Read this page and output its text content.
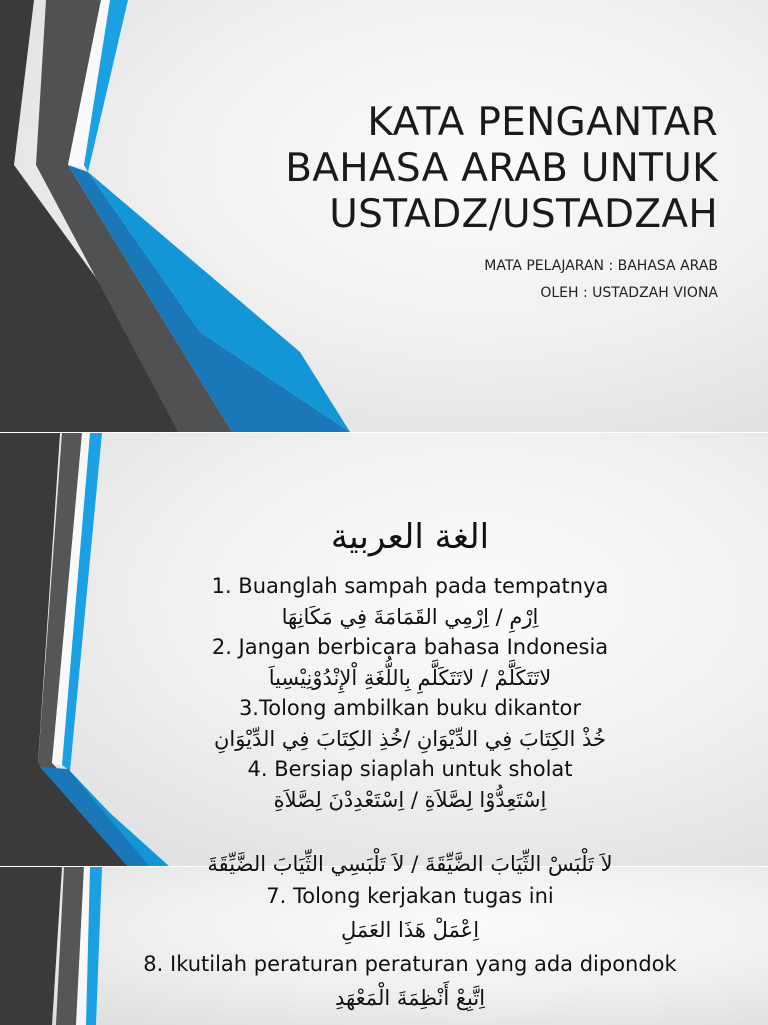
KATA PENGANTAR
BAHASA ARAB UNTUK
USTADZ/USTADZAH
MATA PELAJARAN : BAHASA ARAB
OLEH : USTADZAH VIONA
الغة العربية

1. Buanglah sampah pada tempatnya

اِرْمِ / اِرْمِي القَمَامَةَ فِي مَكَانِهَا

2. Jangan berbicara bahasa Indonesia

لاتَتَكَلَّمْ / لاتَتَكَلَّمِ بِاللُّغَةِ اْلإِنْدُوْنِيْسِياَ

3.Tolong ambilkan buku dikantor

خُذْ الكِتَابَ فِي الدِّيْوَانِ /خُذِ الكِتَابَ فِي الدِّيْوَانِ

4. Bersiap siaplah untuk sholat

اِسْتَعِدُّوْا لِصَّلاَةِ / اِسْتَعْدِدْنَ لِصَّلاَةِ

لاَ تَلْبَسْ الثِّيَابَ الضَّيِّقَةَ / لاَ تَلْبَسِي الثِّيَابَ الضَّيِّقَةَ

7. Tolong kerjakan tugas ini

اِعْمَلْ هَذَا العَمَلِ

8. Ikutilah peraturan peraturan yang ada dipondok

اِتَّبِعْ أَنْظِمَةَ الْمَعْهَدِ
